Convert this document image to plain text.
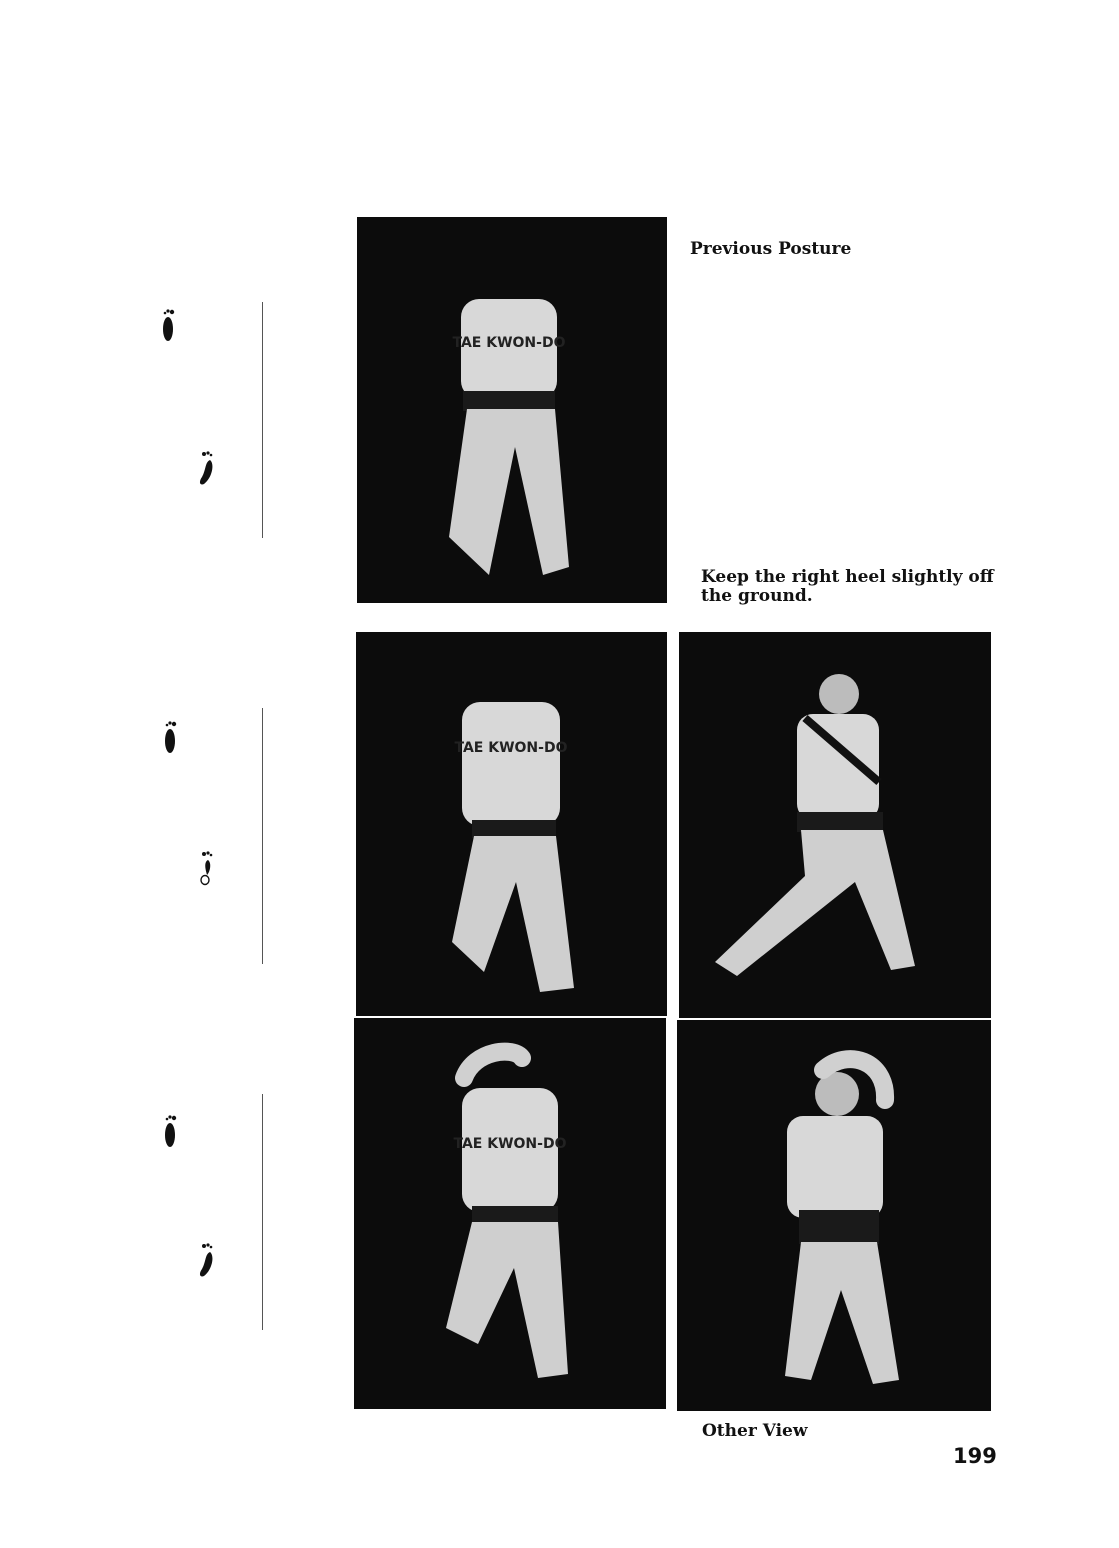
TAE KWON-DO
Previous Posture
Keep the right heel slightly off the ground.
TAE KWON-DO
TAE KWON-DO
Other View
199
